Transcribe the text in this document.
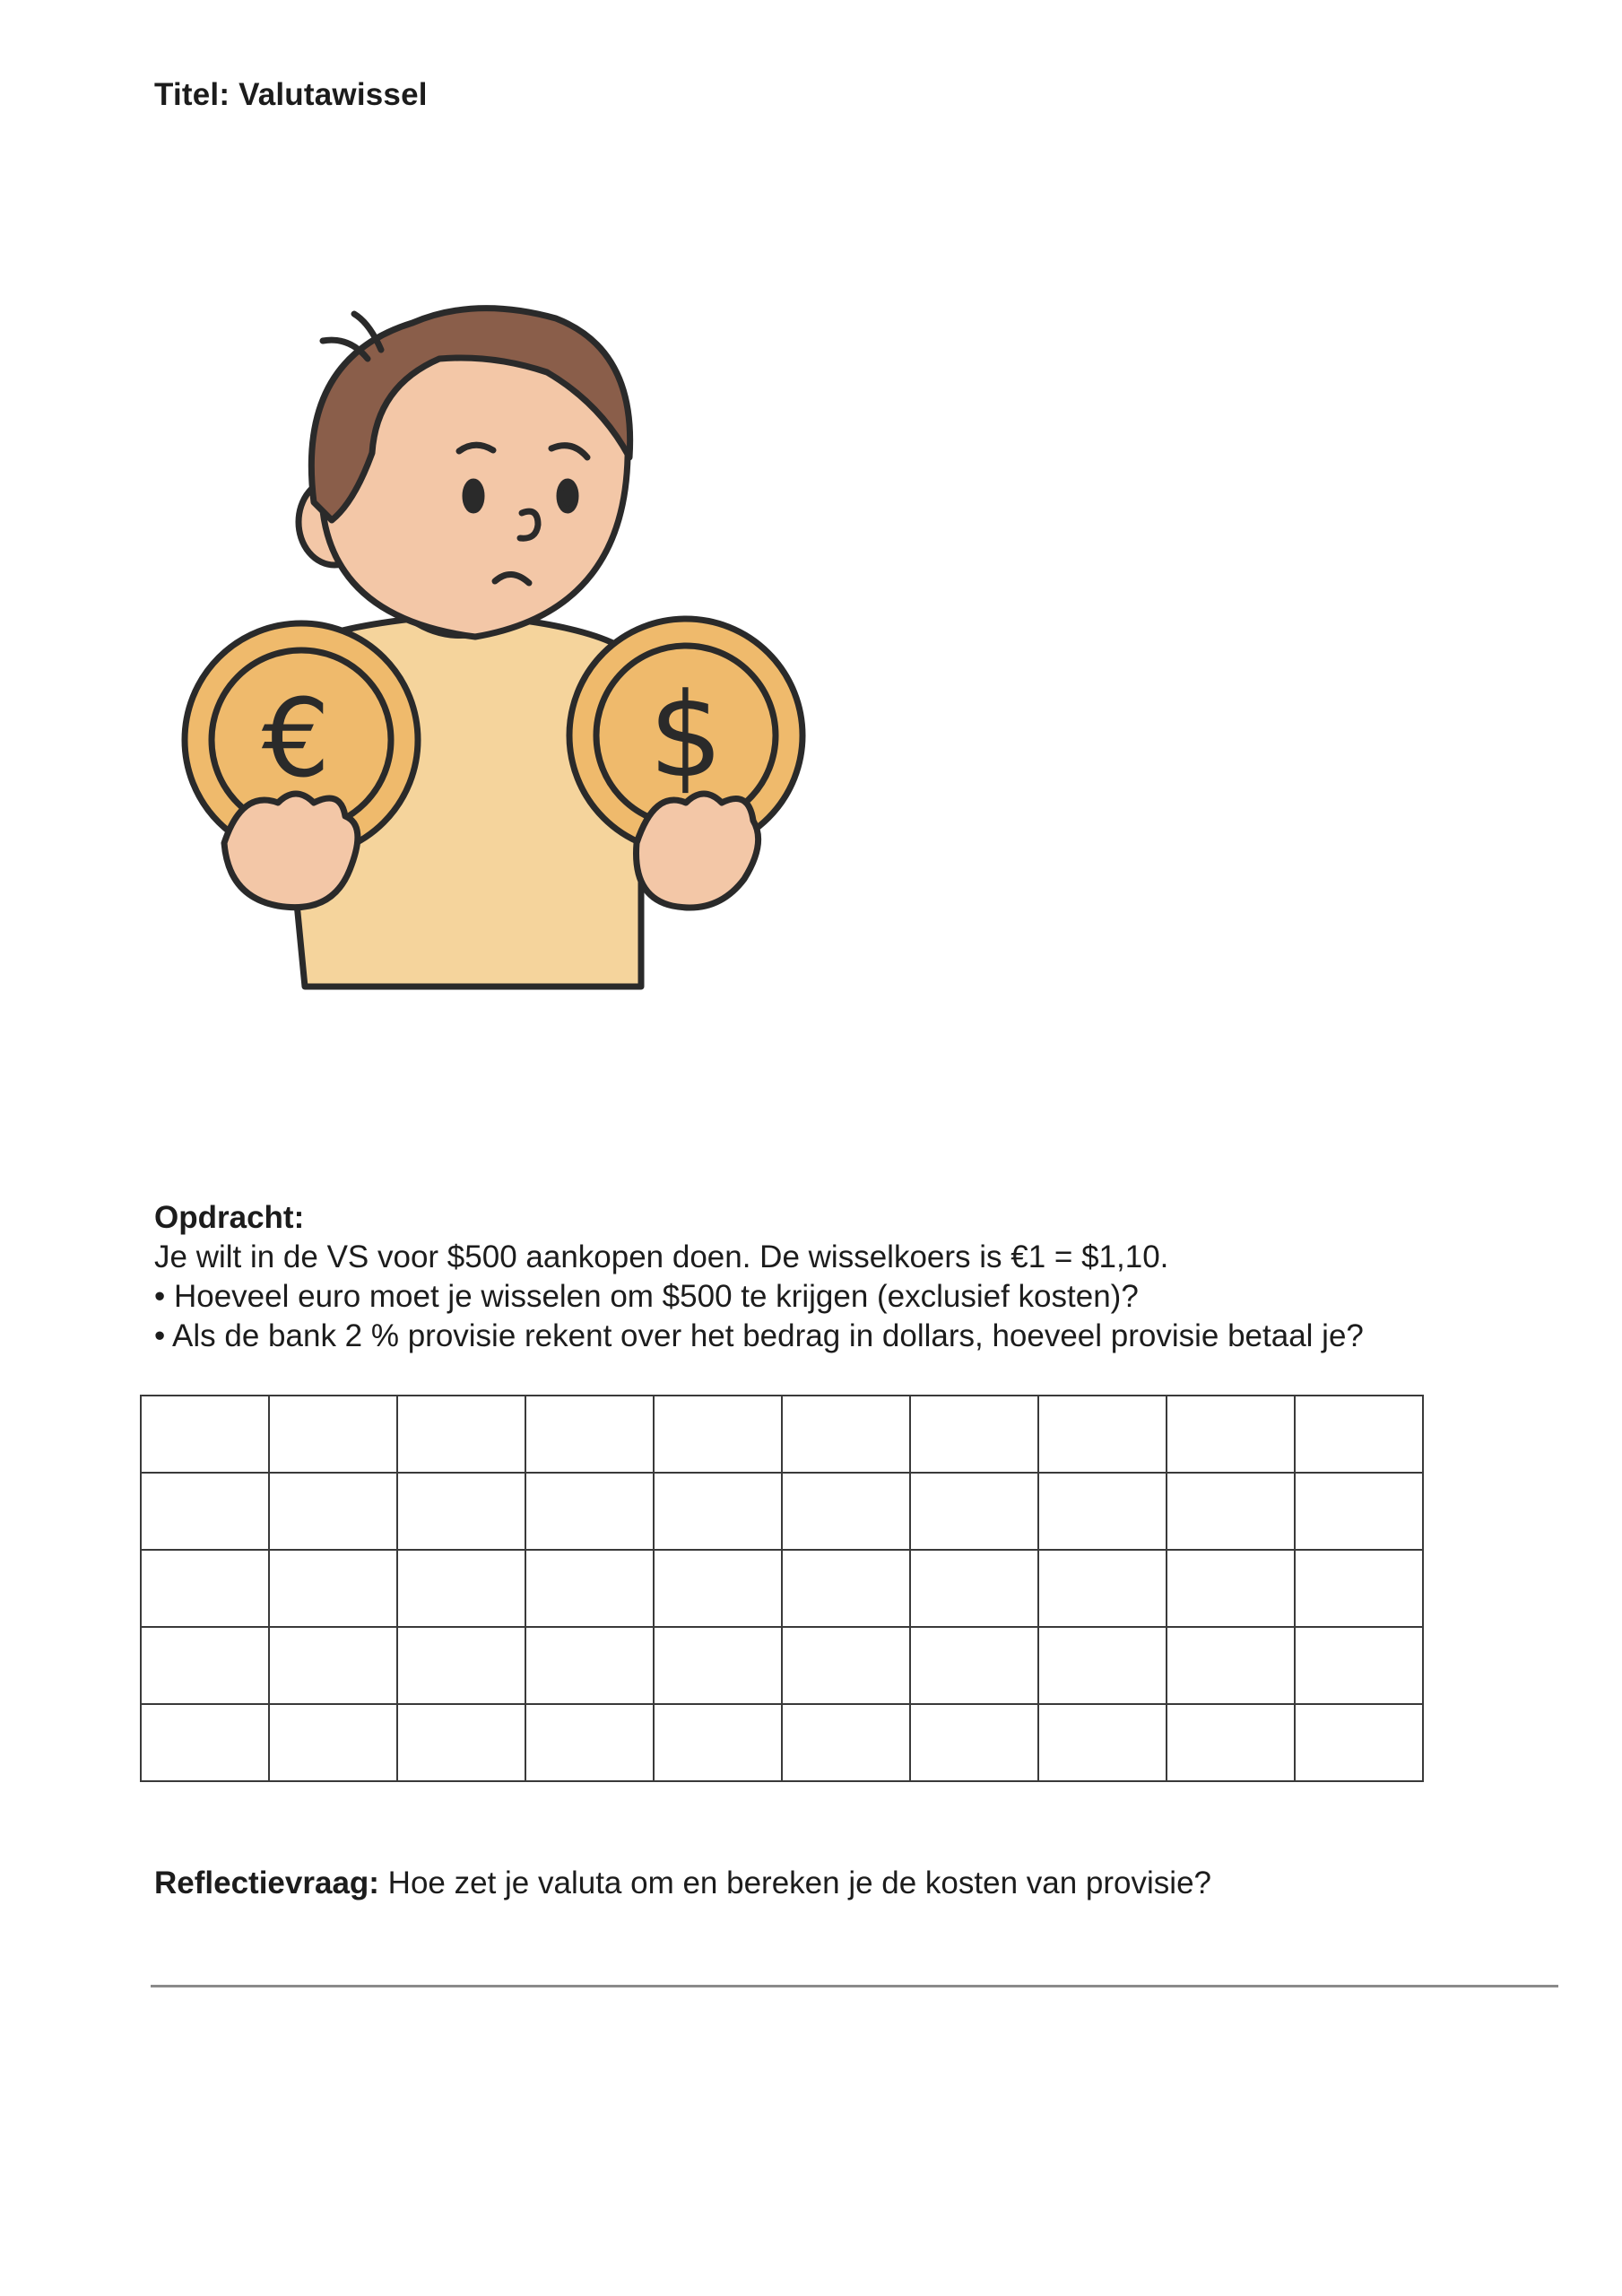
Titel: Valutawissel
€	$
Opdracht:
Je wilt in de VS voor $500 aankopen doen. De wisselkoers is €1 = $1,10.
• Hoeveel euro moet je wisselen om $500 te krijgen (exclusief kosten)?
• Als de bank 2 % provisie rekent over het bedrag in dollars, hoeveel provisie betaal je?

Reflectievraag: Hoe zet je valuta om en bereken je de kosten van provisie?
